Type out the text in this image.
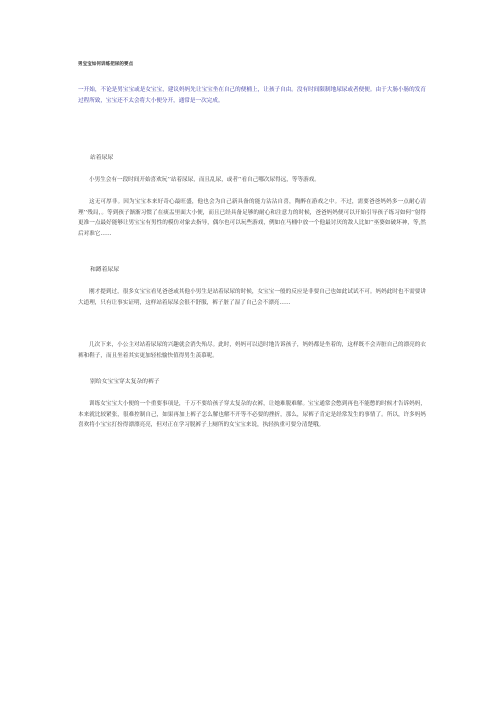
男宝宝如何训练把尿的要点

一开始，不论是男宝宝或是女宝宝，建议妈妈先让宝宝坐在自己的便桶上，让孩子自由。没有时间限制地尿尿或者便便。由于大肠小肠的发育过程所致，宝宝还不太会将大小便分开，通常是一次完成。

站着尿尿

小男生会有一段时间开始喜欢玩’’站着尿尿，而且乱尿，或者’’看自己哪次尿得远，等等游戏。

这无可厚非。因为宝宝本来好奇心最旺盛，他也会为自己新具备的能力沾沾自喜，陶醉在游戏之中。不过，需要爸爸妈妈多一点耐心清理’’残局，。等到孩子渐渐习惯了在痰盂里面大小便，而且已经具备足够的耐心和注意力的时候，爸爸妈妈便可以开始引导孩子练习如何’’射得更准一点最好能够让男宝宝有男性的模仿对象去指导，偶尔也可以玩些游戏，例如在马桶中放一个他最讨厌的敌人比如’’巫婆如破坏神，等,然后对准它……

和蹲着尿尿

刚才提到过，很多女宝宝看见爸爸或其他小男生是站着尿尿的时候，女宝宝一般的反应是非要自己也如此试试不可。妈妈此时也不需要讲大道理，只有让事实证明，这样站着尿尿会很不舒服，裤子脏了湿了自己会不漂亮……

几次下来，小公主对站着尿尿的兴趣就会消失殆尽。此时，妈妈可以适时地告诉孩子，妈妈都是坐着的，这样既不会弄脏自己的漂亮的衣裤和鞋子，而且坐着其实更加轻松愉快值得男生羡慕呢。

别给女宝宝穿太复杂的裤子

训练女宝宝大小便的一个重要事项是，千万不要给孩子穿太复杂的衣裤，让她难脱难解。宝宝通常会憋到再也不能憋的时候才告诉妈妈，本来就比较紧张，很难控制自己，如果再加上裤子怎么解也解不开等不必要的挫折，那么，尿裤子肯定是经常发生的事情了。所以，许多妈妈喜欢将小宝宝打扮得漂漂亮亮，但对正在学习脱裤子上厕所的女宝宝来说，执轻执重可要分清楚哦。
